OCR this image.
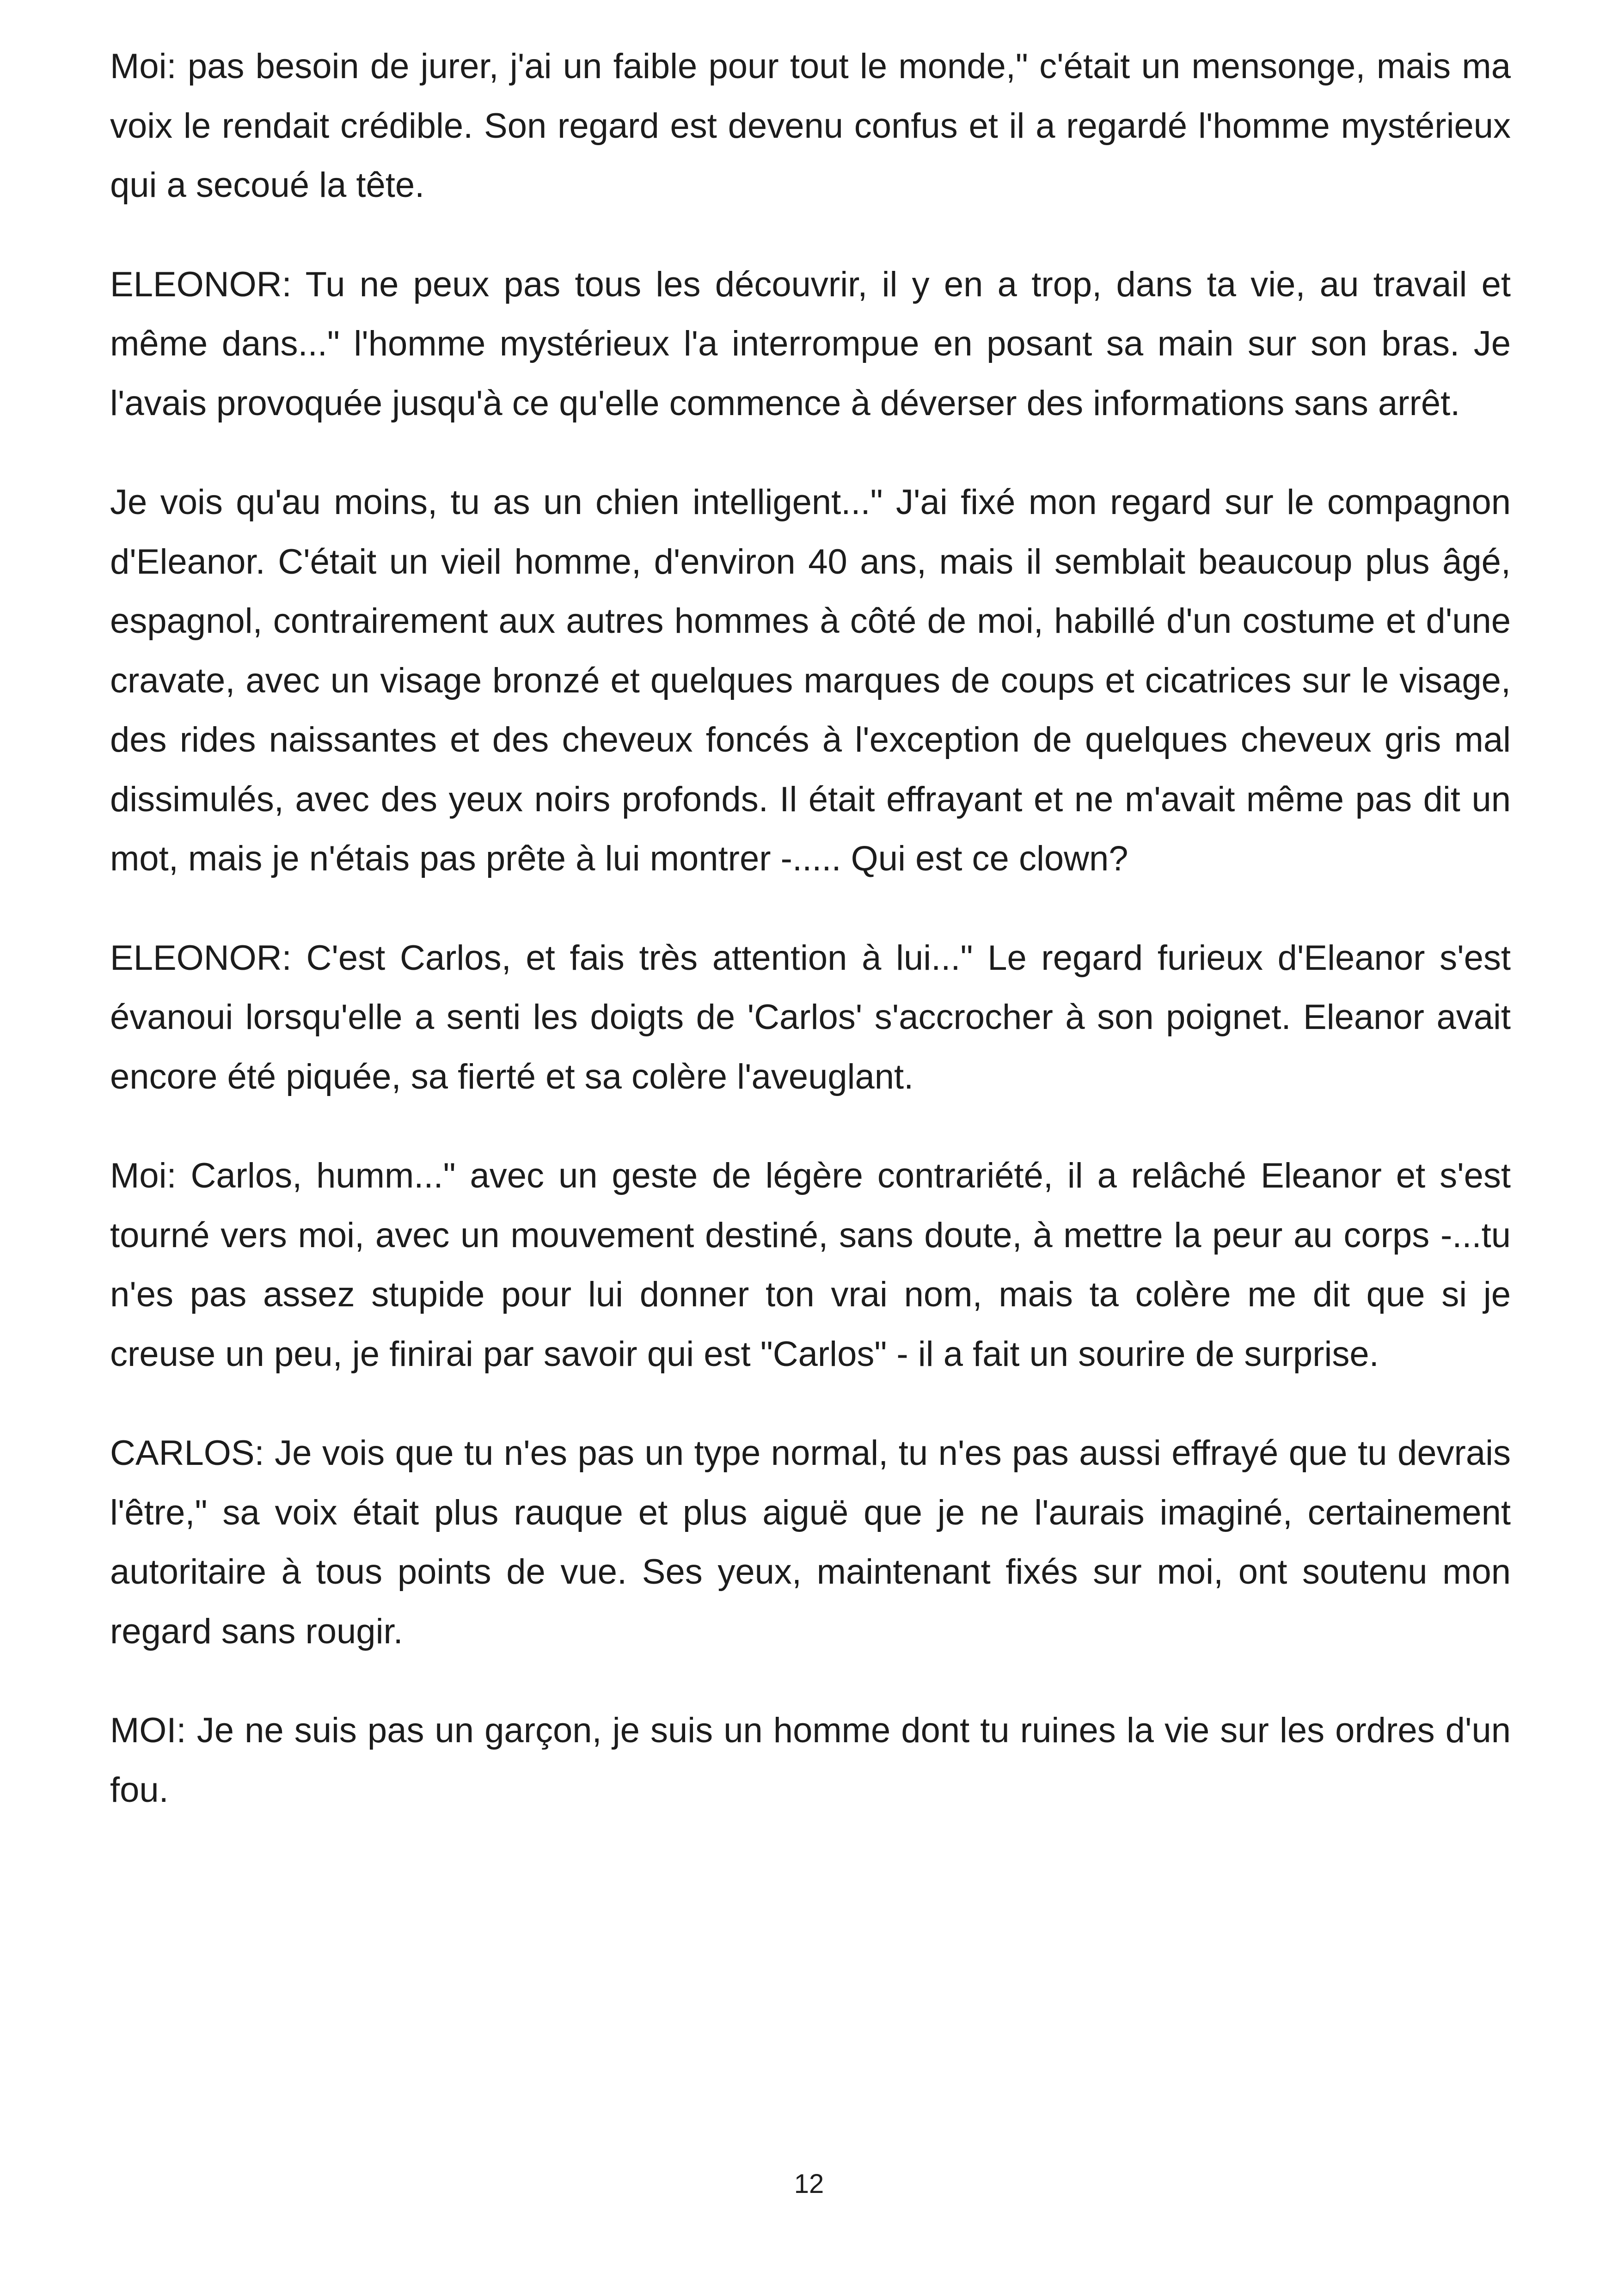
Moi: pas besoin de jurer, j'ai un faible pour tout le monde," c'était un mensonge, mais ma voix le rendait crédible. Son regard est devenu confus et il a regardé l'homme mystérieux qui a secoué la tête.

ELEONOR: Tu ne peux pas tous les découvrir, il y en a trop, dans ta vie, au travail et même dans..." l'homme mystérieux l'a interrompue en posant sa main sur son bras. Je l'avais provoquée jusqu'à ce qu'elle commence à déverser des informations sans arrêt.

Je vois qu'au moins, tu as un chien intelligent..." J'ai fixé mon regard sur le compagnon d'Eleanor. C'était un vieil homme, d'environ 40 ans, mais il semblait beaucoup plus âgé, espagnol, contrairement aux autres hommes à côté de moi, habillé d'un costume et d'une cravate, avec un visage bronzé et quelques marques de coups et cicatrices sur le visage, des rides naissantes et des cheveux foncés à l'exception de quelques cheveux gris mal dissimulés, avec des yeux noirs profonds. Il était effrayant et ne m'avait même pas dit un mot, mais je n'étais pas prête à lui montrer -..... Qui est ce clown?

ELEONOR: C'est Carlos, et fais très attention à lui..." Le regard furieux d'Eleanor s'est évanoui lorsqu'elle a senti les doigts de 'Carlos' s'accrocher à son poignet. Eleanor avait encore été piquée, sa fierté et sa colère l'aveuglant.

Moi: Carlos, humm..." avec un geste de légère contrariété, il a relâché Eleanor et s'est tourné vers moi, avec un mouvement destiné, sans doute, à mettre la peur au corps -...tu n'es pas assez stupide pour lui donner ton vrai nom, mais ta colère me dit que si je creuse un peu, je finirai par savoir qui est "Carlos" - il a fait un sourire de surprise.

CARLOS: Je vois que tu n'es pas un type normal, tu n'es pas aussi effrayé que tu devrais l'être," sa voix était plus rauque et plus aiguë que je ne l'aurais imaginé, certainement autoritaire à tous points de vue. Ses yeux, maintenant fixés sur moi, ont soutenu mon regard sans rougir.

MOI: Je ne suis pas un garçon, je suis un homme dont tu ruines la vie sur les ordres d'un fou.

12
